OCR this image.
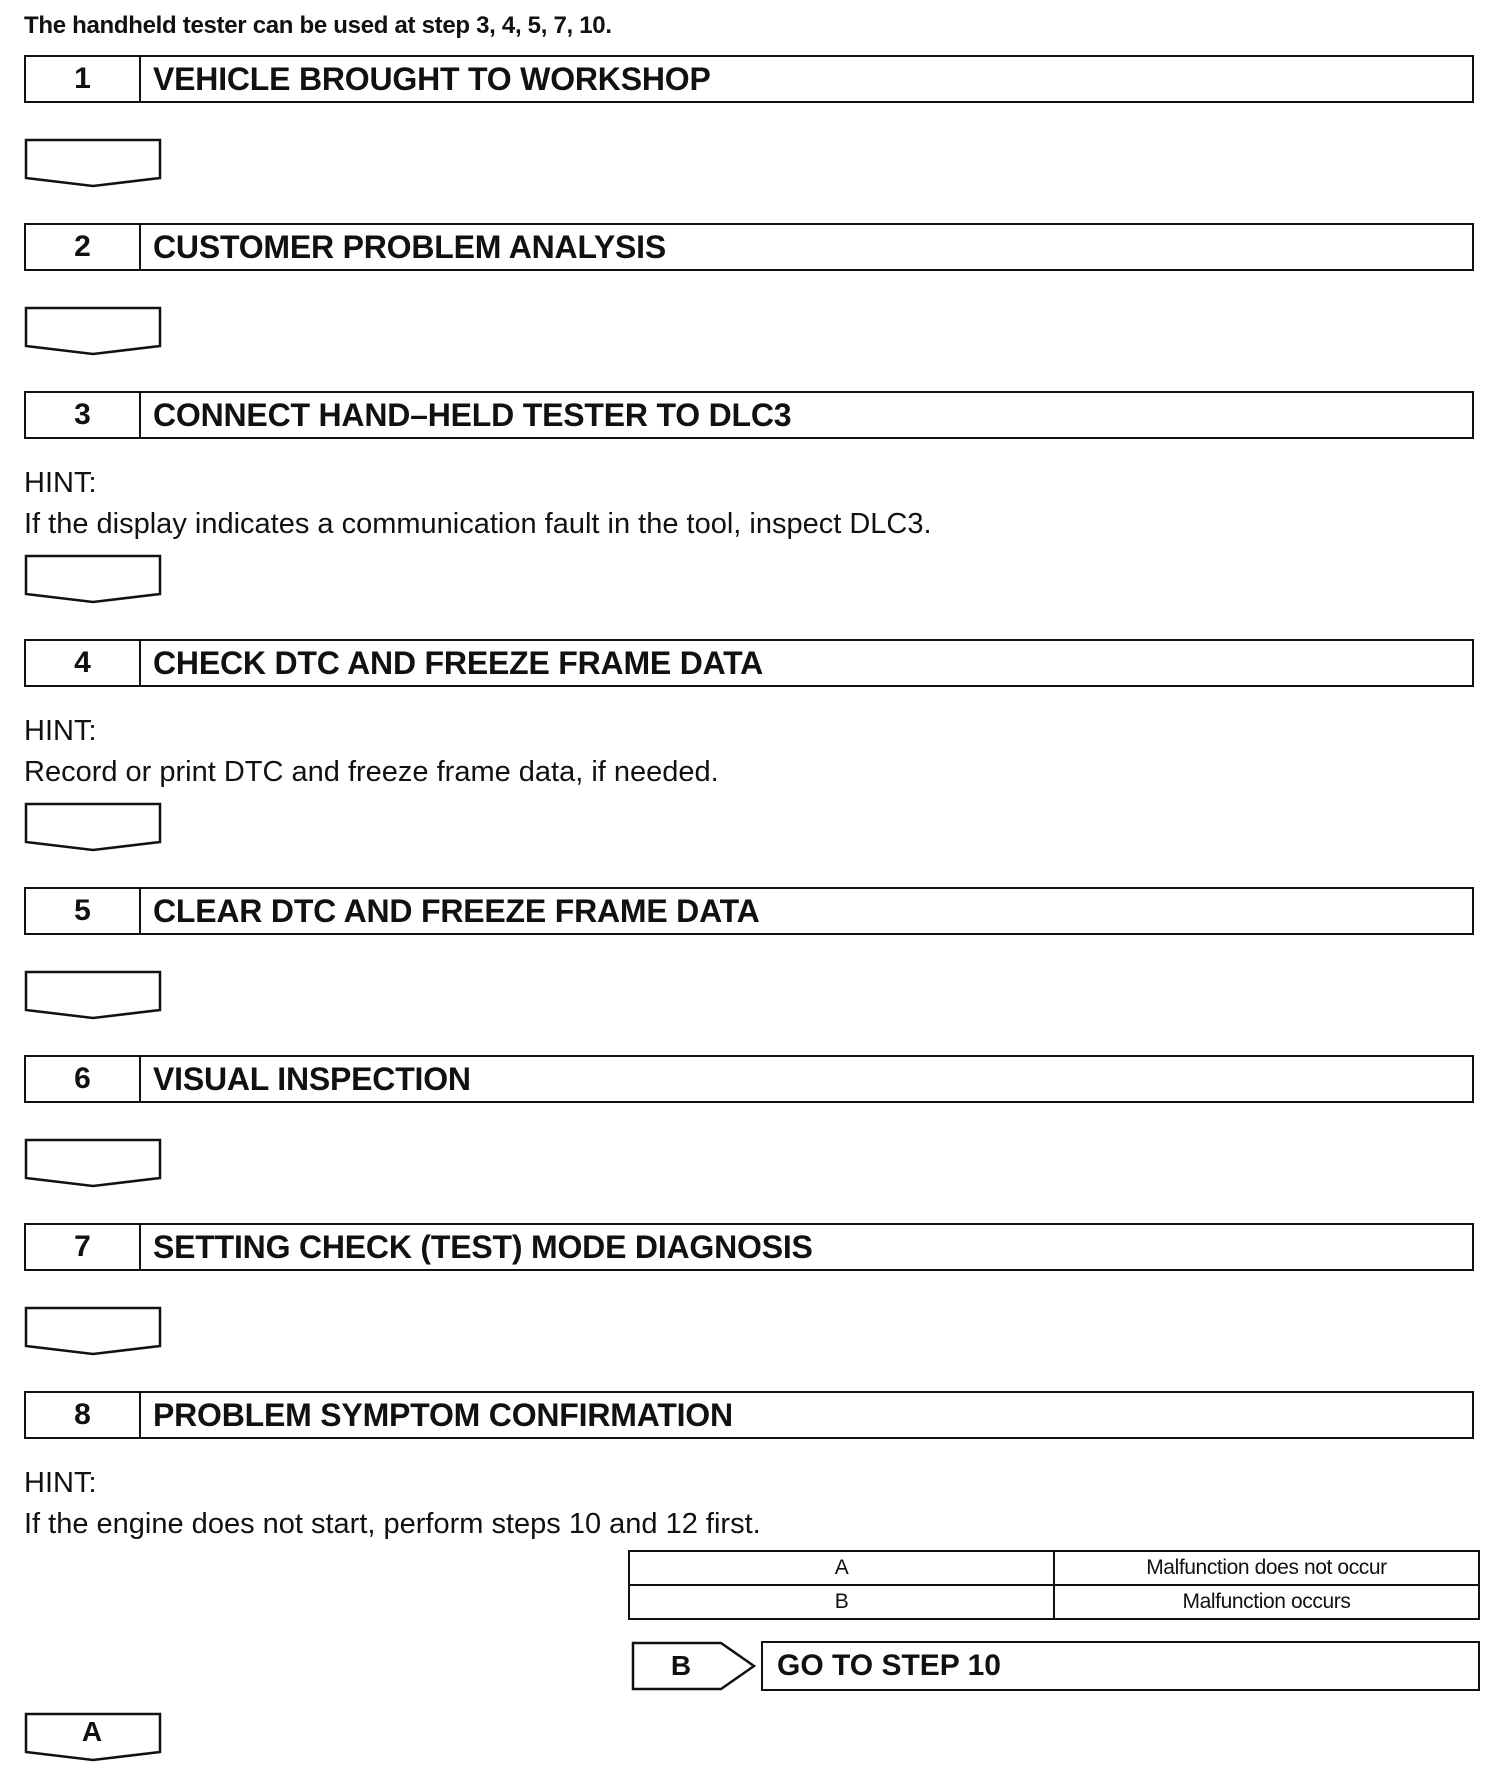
The handheld tester can be used at step 3, 4, 5, 7, 10.
1	VEHICLE BROUGHT TO WORKSHOP
2	CUSTOMER PROBLEM ANALYSIS
3	CONNECT HAND–HELD TESTER TO DLC3
HINT:
If the display indicates a communication fault in the tool, inspect DLC3.
4	CHECK DTC AND FREEZE FRAME DATA
HINT:
Record or print DTC and freeze frame data, if needed.
5	CLEAR DTC AND FREEZE FRAME DATA
6	VISUAL INSPECTION
7	SETTING CHECK (TEST) MODE DIAGNOSIS
8	PROBLEM SYMPTOM CONFIRMATION
HINT:
If the engine does not start, perform steps 10 and 12 first.
A	Malfunction does not occur
B	Malfunction occurs
B	GO TO STEP 10
A
